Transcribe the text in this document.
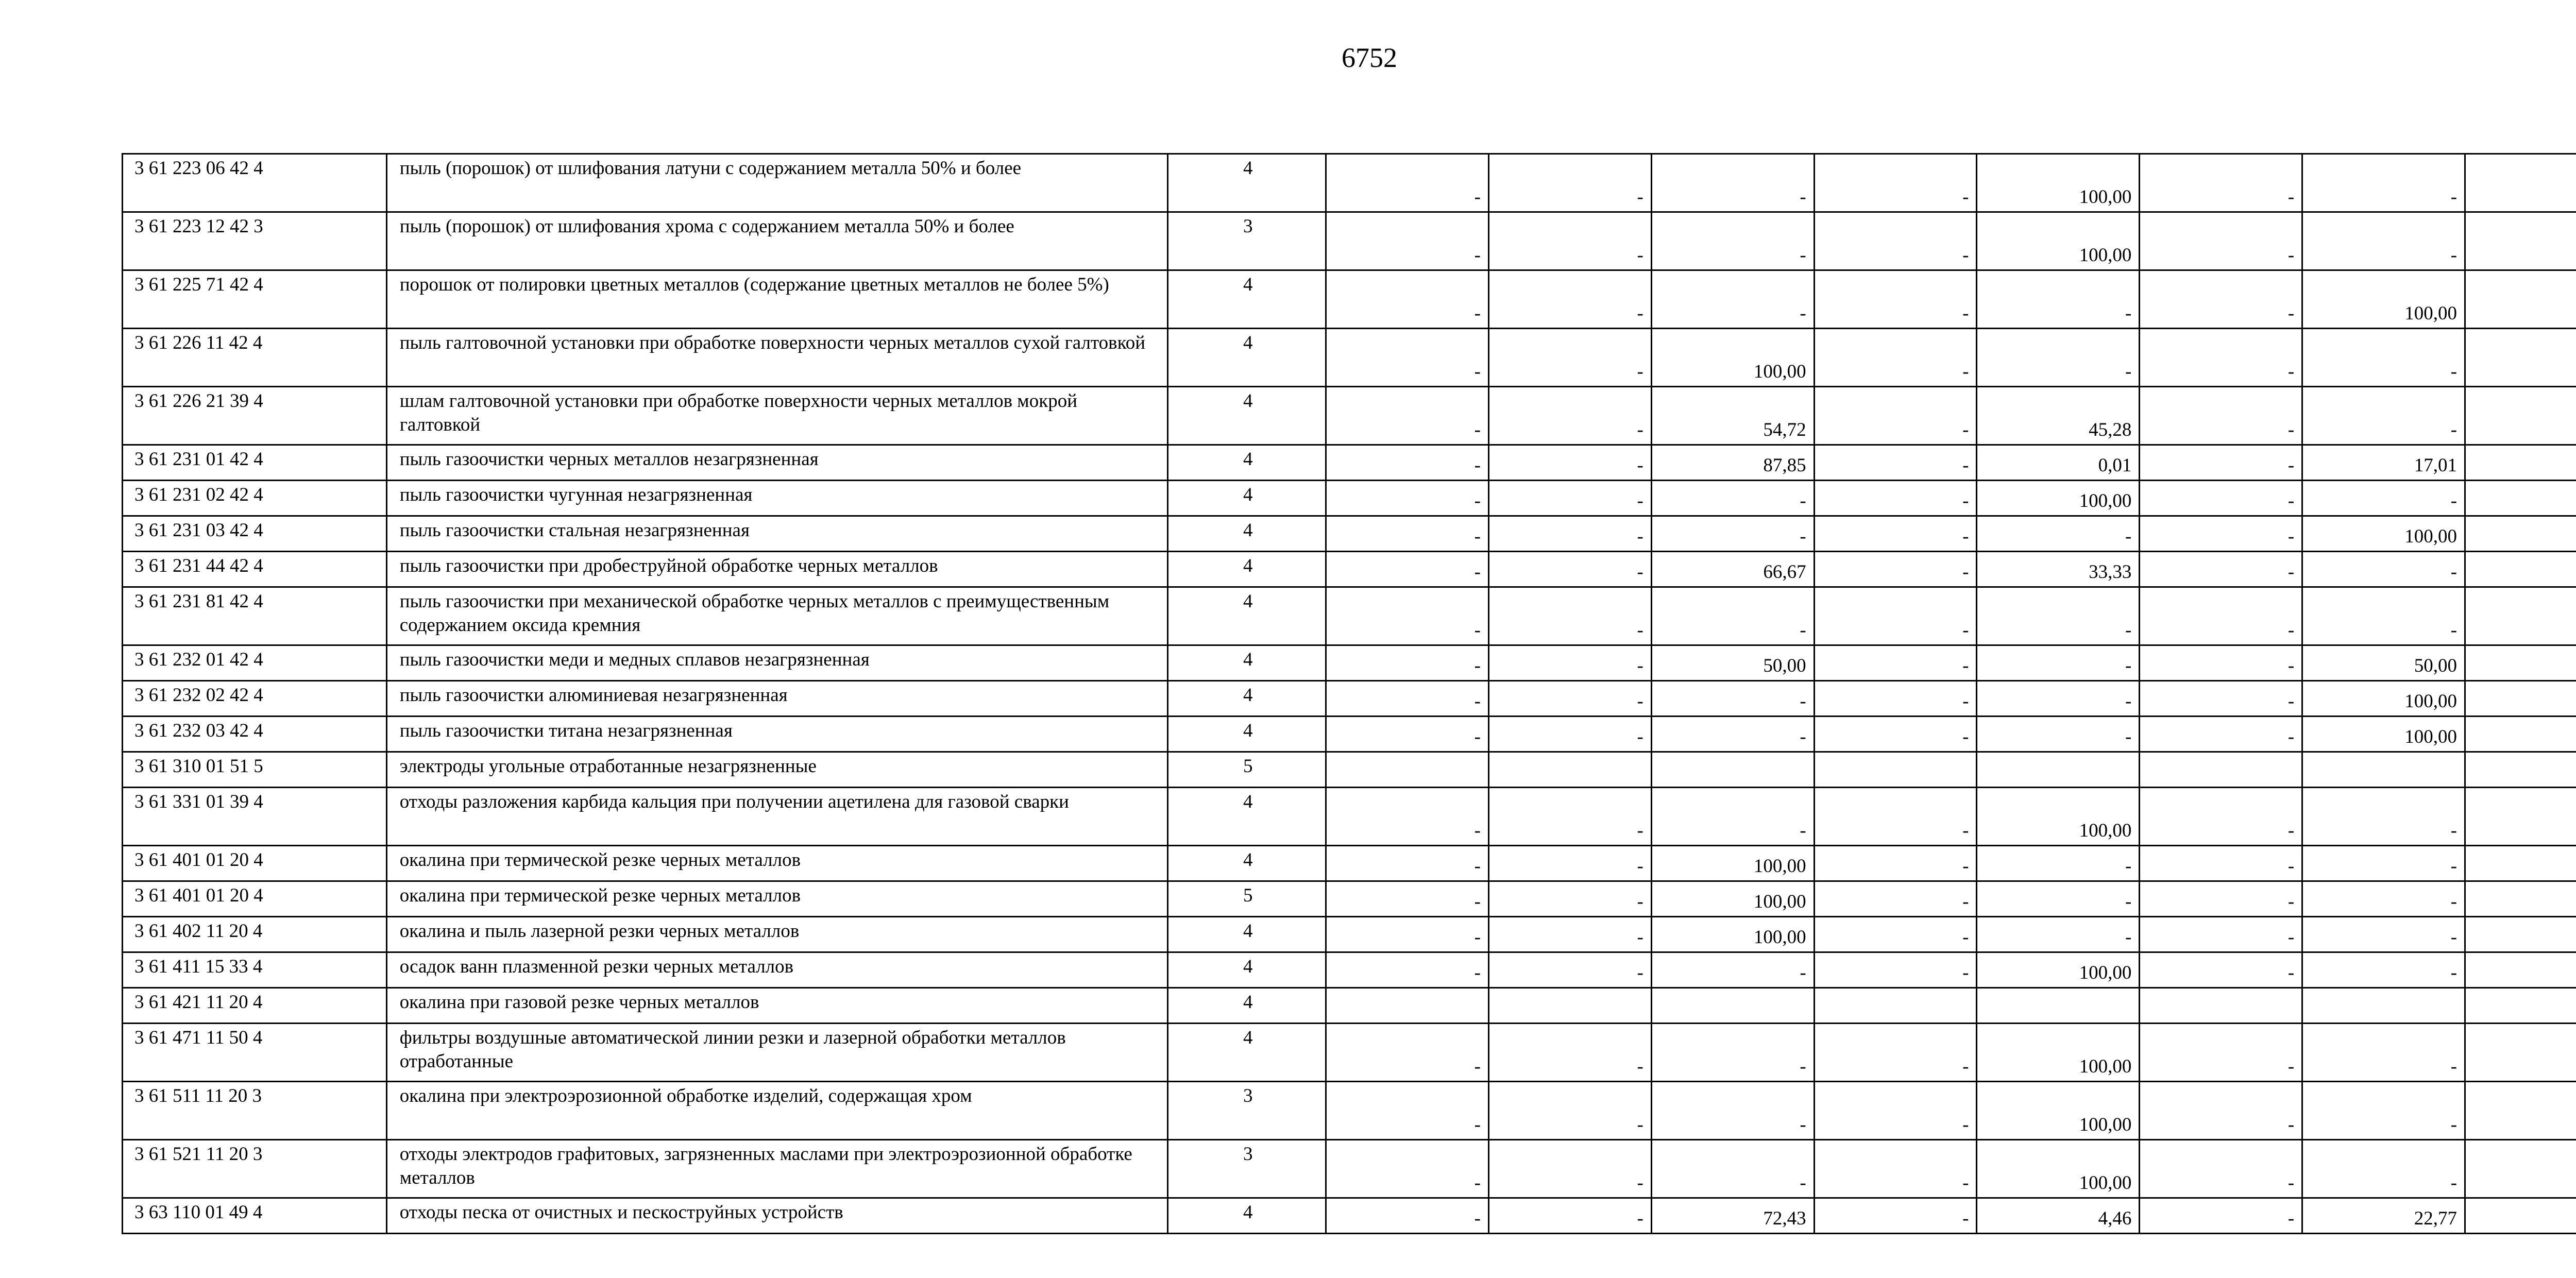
6752
3 61 223 06 42 4	пыль (порошок) от шлифования латуни с содержанием металла 50% и более	4	-	-	-	-	100,00	-	-	
3 61 223 12 42 3	пыль (порошок) от шлифования хрома с содержанием металла 50% и более	3	-	-	-	-	100,00	-	-	
3 61 225 71 42 4	порошок от полировки цветных металлов (содержание цветных металлов не более 5%)	4	-	-	-	-	-	-	100,00	
3 61 226 11 42 4	пыль галтовочной установки при обработке поверхности черных металлов сухой галтовкой	4	-	-	100,00	-	-	-	-	
3 61 226 21 39 4	шлам галтовочной установки при обработке поверхности черных металлов мокрой галтовкой	4	-	-	54,72	-	45,28	-	-	
3 61 231 01 42 4	пыль газоочистки черных металлов незагрязненная	4	-	-	87,85	-	0,01	-	17,01	
3 61 231 02 42 4	пыль газоочистки чугунная незагрязненная	4	-	-	-	-	100,00	-	-	
3 61 231 03 42 4	пыль газоочистки стальная незагрязненная	4	-	-	-	-	-	-	100,00	
3 61 231 44 42 4	пыль газоочистки при дробеструйной обработке черных металлов	4	-	-	66,67	-	33,33	-	-	
3 61 231 81 42 4	пыль газоочистки при механической обработке черных металлов с преимущественным содержанием оксида кремния	4	-	-	-	-	-	-	-	
3 61 232 01 42 4	пыль газоочистки меди и медных сплавов незагрязненная	4	-	-	50,00	-	-	-	50,00	
3 61 232 02 42 4	пыль газоочистки алюминиевая незагрязненная	4	-	-	-	-	-	-	100,00	
3 61 232 03 42 4	пыль газоочистки титана незагрязненная	4	-	-	-	-	-	-	100,00	
3 61 310 01 51 5	электроды угольные отработанные незагрязненные	5								
3 61 331 01 39 4	отходы разложения карбида кальция при получении ацетилена для газовой сварки	4	-	-	-	-	100,00	-	-	
3 61 401 01 20 4	окалина при термической резке черных металлов	4	-	-	100,00	-	-	-	-	
3 61 401 01 20 4	окалина при термической резке черных металлов	5	-	-	100,00	-	-	-	-	
3 61 402 11 20 4	окалина и пыль лазерной резки черных металлов	4	-	-	100,00	-	-	-	-	
3 61 411 15 33 4	осадок ванн плазменной резки черных металлов	4	-	-	-	-	100,00	-	-	
3 61 421 11 20 4	окалина при газовой резке черных металлов	4								
3 61 471 11 50 4	фильтры воздушные автоматической линии резки и лазерной обработки металлов отработанные	4	-	-	-	-	100,00	-	-	
3 61 511 11 20 3	окалина при электроэрозионной обработке изделий, содержащая хром	3	-	-	-	-	100,00	-	-	
3 61 521 11 20 3	отходы электродов графитовых, загрязненных маслами при электроэрозионной обработке металлов	3	-	-	-	-	100,00	-	-	
3 63 110 01 49 4	отходы песка от очистных и пескоструйных устройств	4	-	-	72,43	-	4,46	-	22,77	
